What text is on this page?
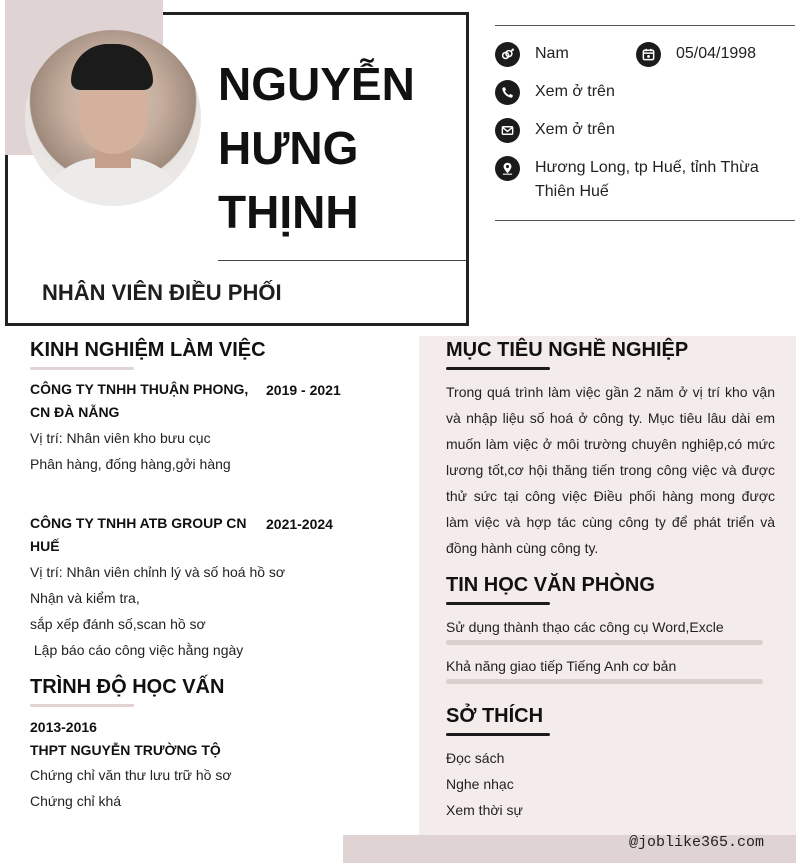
NGUYỄN
HƯNG
THỊNH
NHÂN VIÊN ĐIỀU PHỐI
Nam	05/04/1998
Xem ở trên
Xem ở trên
Hương Long, tp Huế, tỉnh Thừa
Thiên Huế
KINH NGHIỆM LÀM VIỆC
CÔNG TY TNHH THUẬN PHONG,
CN ĐÀ NẴNG
2019 - 2021
Vị trí: Nhân viên kho bưu cục
Phân hàng, đống hàng,gởi hàng
CÔNG TY TNHH ATB GROUP CN
HUẾ
2021-2024
Vị trí: Nhân viên chỉnh lý và số hoá hồ sơ
Nhận và kiểm tra,
sắp xếp đánh số,scan hồ sơ
Lập báo cáo công việc hằng ngày
TRÌNH ĐỘ HỌC VẤN
2013-2016
THPT NGUYỄN TRƯỜNG TỘ
Chứng chỉ văn thư lưu trữ hồ sơ
Chứng chỉ khá
MỤC TIÊU NGHỀ NGHIỆP
Trong quá trình làm việc gần 2 năm ở vị trí kho vận và nhập liệu số hoá ở công ty. Mục tiêu lâu dài em muốn làm việc ở môi trường chuyên nghiệp,có mức lương tốt,cơ hội thăng tiến trong công việc và được thử sức tại công việc Điều phối hàng mong được làm việc và hợp tác cùng công ty để phát triển và đồng hành cùng công ty.
TIN HỌC VĂN PHÒNG
Sử dụng thành thạo các công cụ Word,Excle
Khả năng giao tiếp Tiếng Anh cơ bản
SỞ THÍCH
Đọc sách
Nghe nhạc
Xem thời sự
@joblike365.com
